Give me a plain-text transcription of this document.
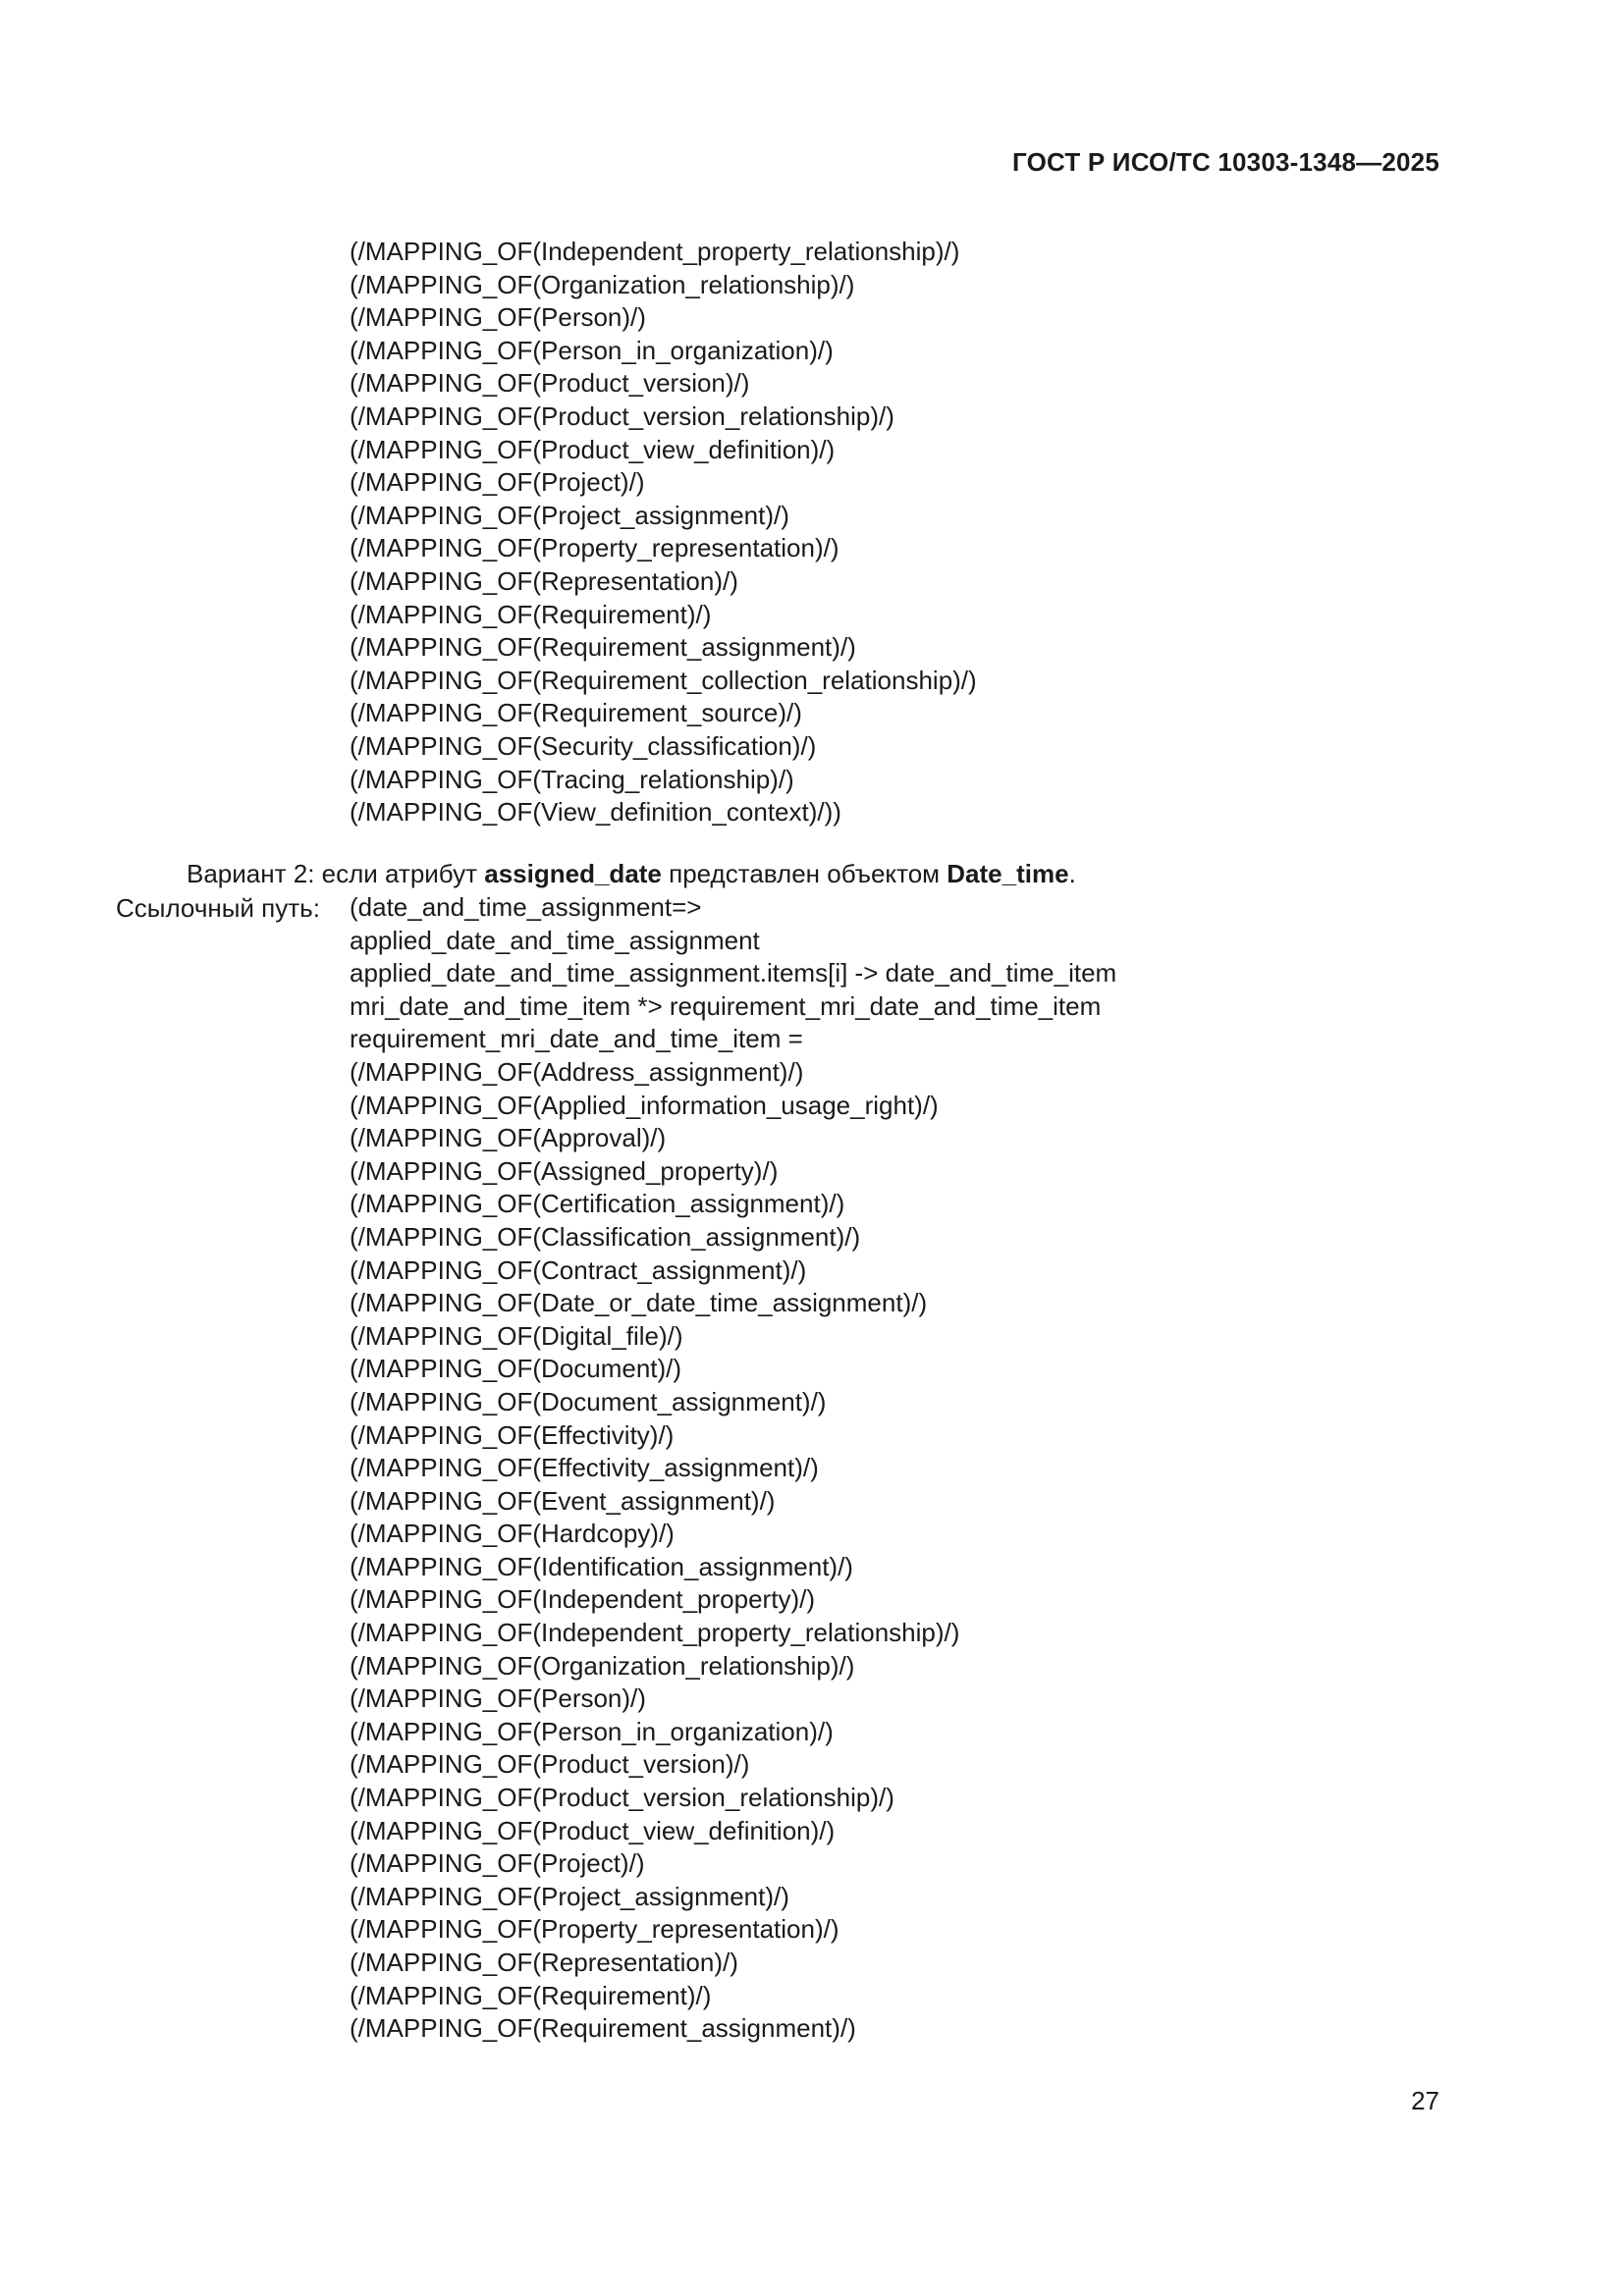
ГОСТ Р ИСО/ТС 10303-1348—2025
(/MAPPING_OF(Independent_property_relationship)/)
(/MAPPING_OF(Organization_relationship)/)
(/MAPPING_OF(Person)/)
(/MAPPING_OF(Person_in_organization)/)
(/MAPPING_OF(Product_version)/)
(/MAPPING_OF(Product_version_relationship)/)
(/MAPPING_OF(Product_view_definition)/)
(/MAPPING_OF(Project)/)
(/MAPPING_OF(Project_assignment)/)
(/MAPPING_OF(Property_representation)/)
(/MAPPING_OF(Representation)/)
(/MAPPING_OF(Requirement)/)
(/MAPPING_OF(Requirement_assignment)/)
(/MAPPING_OF(Requirement_collection_relationship)/)
(/MAPPING_OF(Requirement_source)/)
(/MAPPING_OF(Security_classification)/)
(/MAPPING_OF(Tracing_relationship)/)
(/MAPPING_OF(View_definition_context)/))
Вариант 2: если атрибут assigned_date представлен объектом Date_time.
Ссылочный путь: (date_and_time_assignment=>
applied_date_and_time_assignment
applied_date_and_time_assignment.items[i] -> date_and_time_item
mri_date_and_time_item *> requirement_mri_date_and_time_item
requirement_mri_date_and_time_item =
(/MAPPING_OF(Address_assignment)/)
(/MAPPING_OF(Applied_information_usage_right)/)
(/MAPPING_OF(Approval)/)
(/MAPPING_OF(Assigned_property)/)
(/MAPPING_OF(Certification_assignment)/)
(/MAPPING_OF(Classification_assignment)/)
(/MAPPING_OF(Contract_assignment)/)
(/MAPPING_OF(Date_or_date_time_assignment)/)
(/MAPPING_OF(Digital_file)/)
(/MAPPING_OF(Document)/)
(/MAPPING_OF(Document_assignment)/)
(/MAPPING_OF(Effectivity)/)
(/MAPPING_OF(Effectivity_assignment)/)
(/MAPPING_OF(Event_assignment)/)
(/MAPPING_OF(Hardcopy)/)
(/MAPPING_OF(Identification_assignment)/)
(/MAPPING_OF(Independent_property)/)
(/MAPPING_OF(Independent_property_relationship)/)
(/MAPPING_OF(Organization_relationship)/)
(/MAPPING_OF(Person)/)
(/MAPPING_OF(Person_in_organization)/)
(/MAPPING_OF(Product_version)/)
(/MAPPING_OF(Product_version_relationship)/)
(/MAPPING_OF(Product_view_definition)/)
(/MAPPING_OF(Project)/)
(/MAPPING_OF(Project_assignment)/)
(/MAPPING_OF(Property_representation)/)
(/MAPPING_OF(Representation)/)
(/MAPPING_OF(Requirement)/)
(/MAPPING_OF(Requirement_assignment)/)
27
